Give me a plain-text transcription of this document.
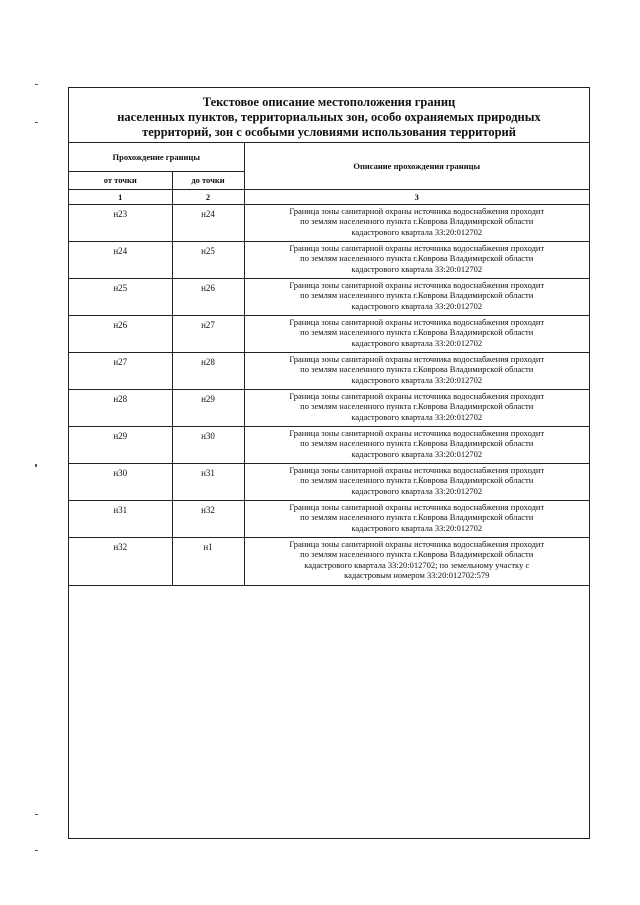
Текстовое описание местоположения границ
населенных пунктов, территориальных зон, особо охраняемых природных
территорий, зон с особыми условиями использования территорий
Прохождение границы		Описание прохождения границы
от точки	до точки	
1	2	3
н23	н24	Граница зоны санитарной охраны источника водоснабжения проходит
по землям населенного пункта г.Коврова Владимирской области
кадастрового квартала 33:20:012702

н24	н25	Граница зоны санитарной охраны источника водоснабжения проходит
по землям населенного пункта г.Коврова Владимирской области
кадастрового квартала 33:20:012702

н25	н26	Граница зоны санитарной охраны источника водоснабжения проходит
по землям населенного пункта г.Коврова Владимирской области
кадастрового квартала 33:20:012702

н26	н27	Граница зоны санитарной охраны источника водоснабжения проходит
по землям населенного пункта г.Коврова Владимирской области
кадастрового квартала 33:20:012702

н27	н28	Граница зоны санитарной охраны источника водоснабжения проходит
по землям населенного пункта г.Коврова Владимирской области
кадастрового квартала 33:20:012702

н28	н29	Граница зоны санитарной охраны источника водоснабжения проходит
по землям населенного пункта г.Коврова Владимирской области
кадастрового квартала 33:20:012702

н29	н30	Граница зоны санитарной охраны источника водоснабжения проходит
по землям населенного пункта г.Коврова Владимирской области
кадастрового квартала 33:20:012702

н30	н31	Граница зоны санитарной охраны источника водоснабжения проходит
по землям населенного пункта г.Коврова Владимирской области
кадастрового квартала 33:20:012702

н31	н32	Граница зоны санитарной охраны источника водоснабжения проходит
по землям населенного пункта г.Коврова Владимирской области
кадастрового квартала 33:20:012702

н32	н1	Граница зоны санитарной охраны источника водоснабжения проходит
по землям населенного пункта г.Коврова Владимирской области
кадастрового квартала 33:20:012702; по земельному участку с
кадастровым номером 33:20:012702:579
